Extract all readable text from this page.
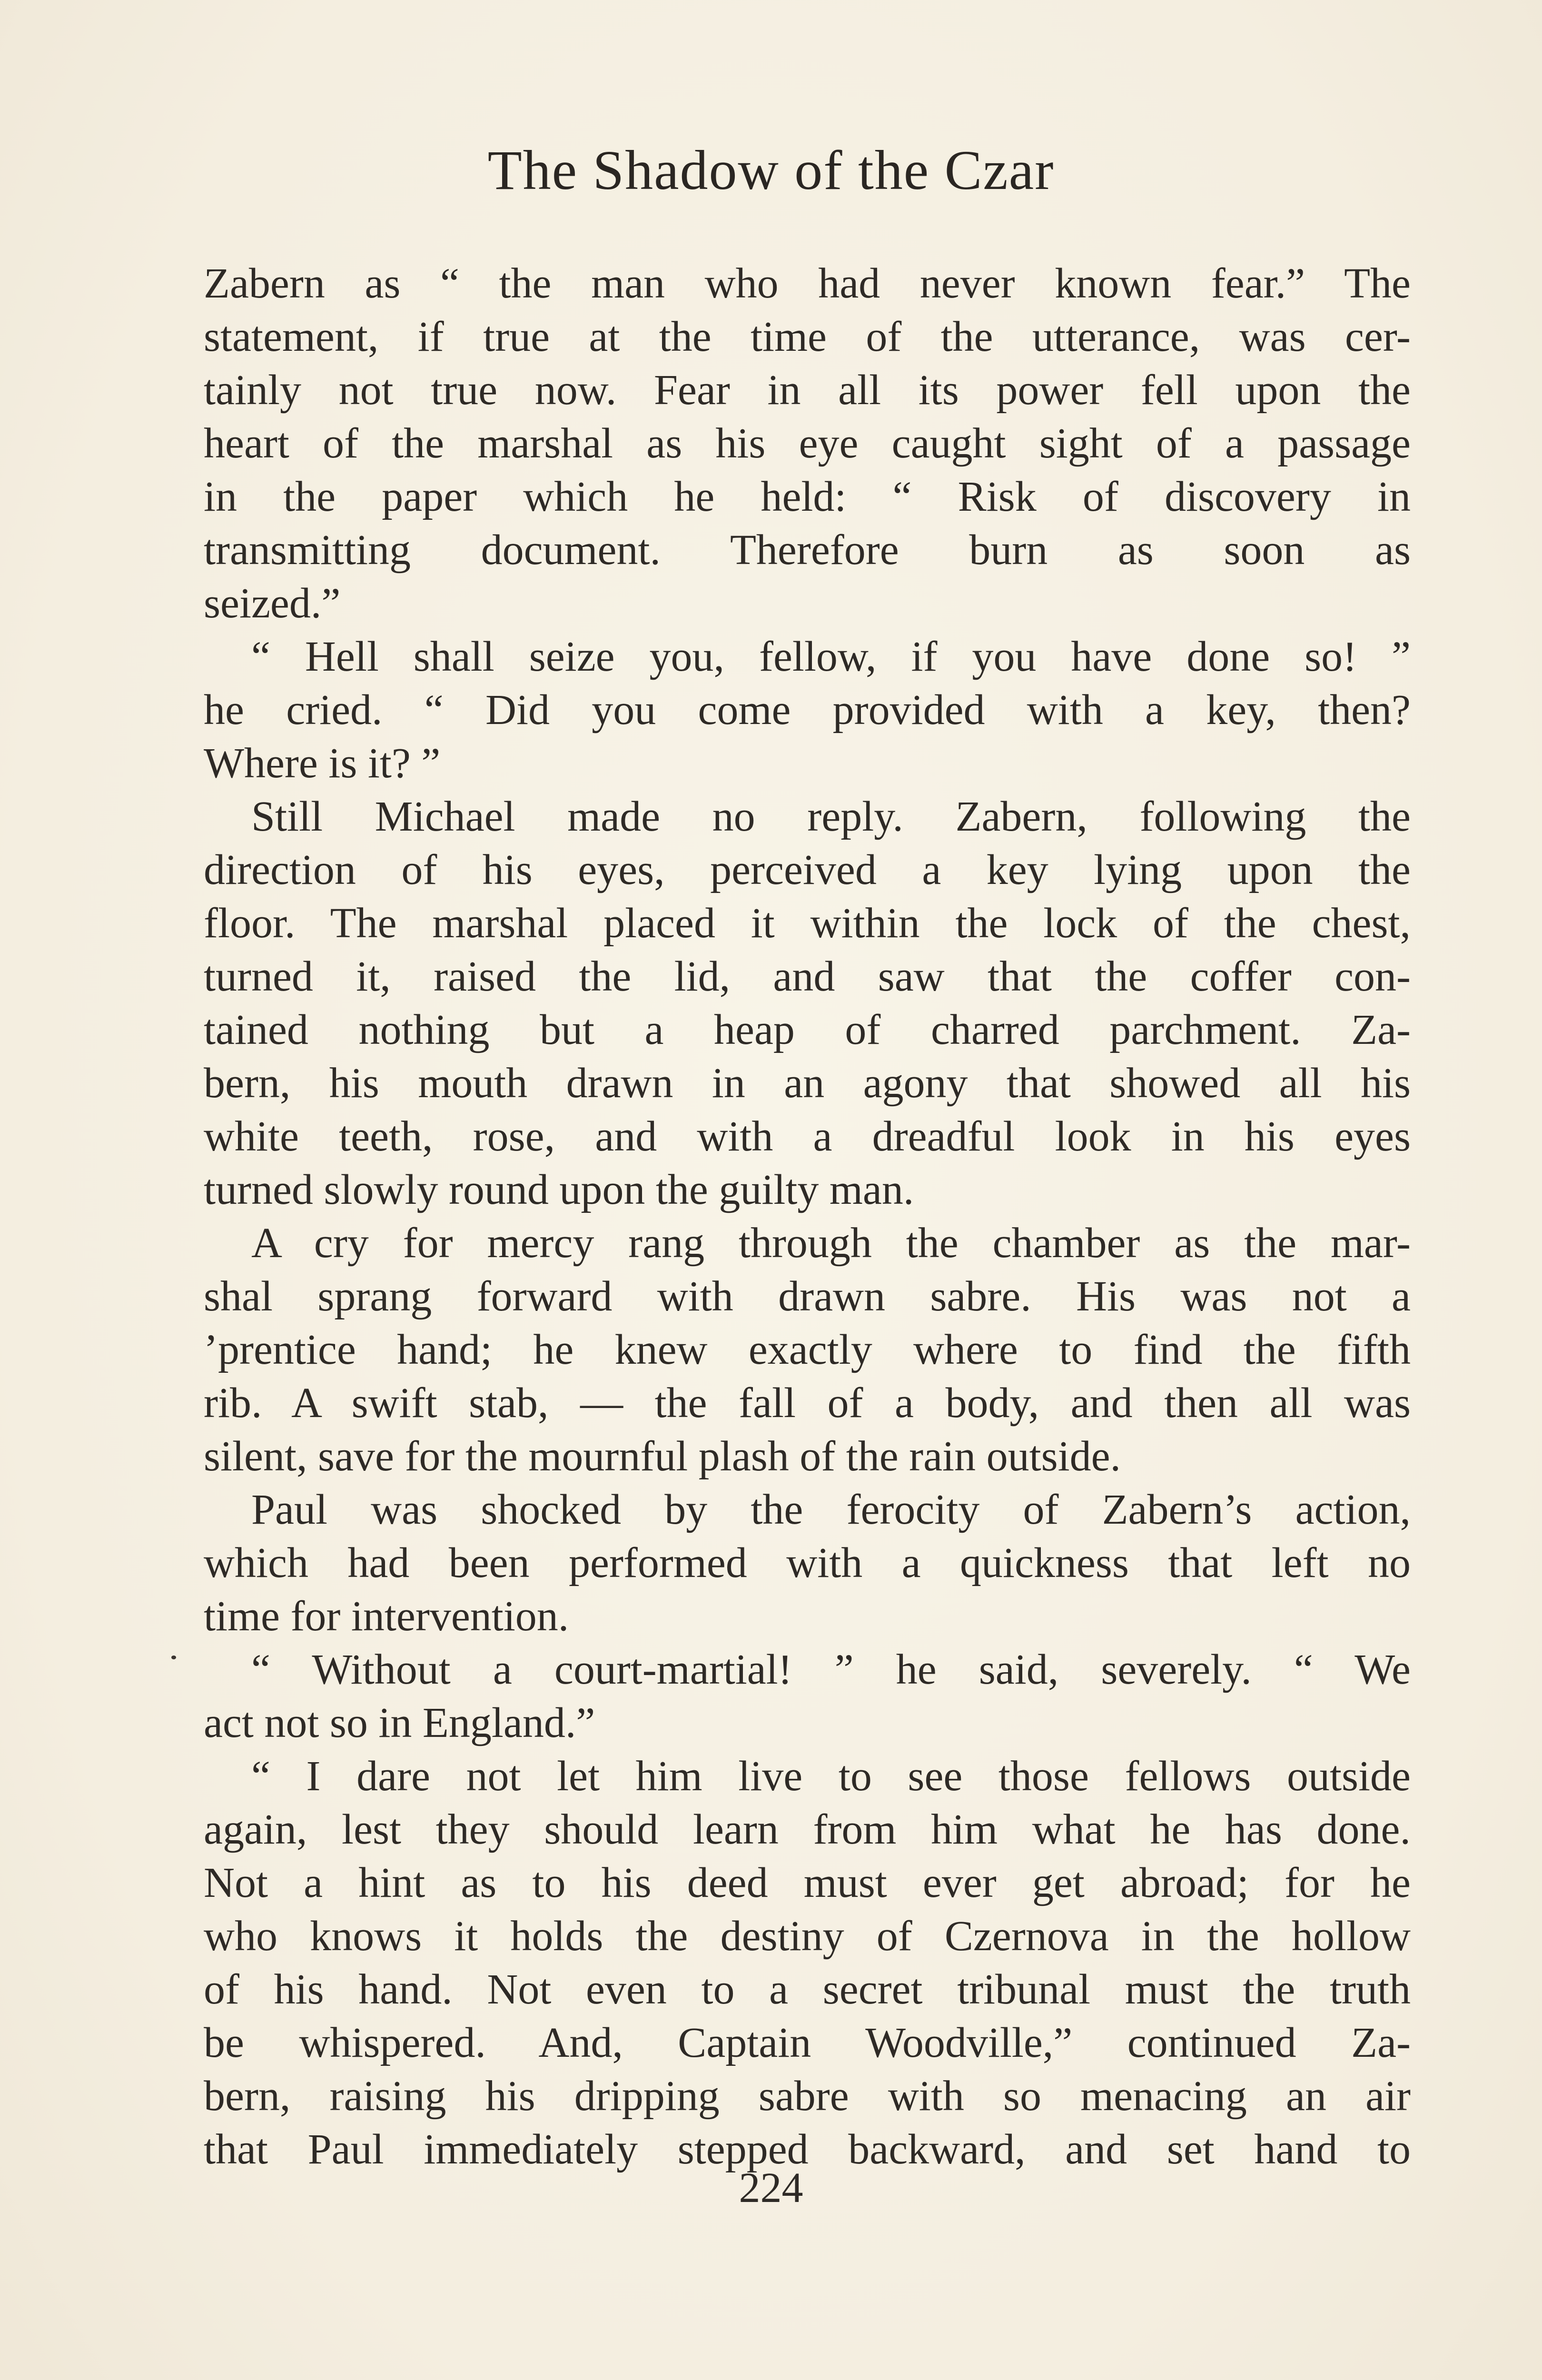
The Shadow of the Czar
Zabern as “ the man who had never known fear.” The
statement, if true at the time of the utterance, was cer-
tainly not true now. Fear in all its power fell upon the
heart of the marshal as his eye caught sight of a passage
in the paper which he held: “ Risk of discovery in
transmitting document. Therefore burn as soon as
seized.”
“ Hell shall seize you, fellow, if you have done so! ”
he cried. “ Did you come provided with a key, then?
Where is it? ”
Still Michael made no reply. Zabern, following the
direction of his eyes, perceived a key lying upon the
floor. The marshal placed it within the lock of the chest,
turned it, raised the lid, and saw that the coffer con-
tained nothing but a heap of charred parchment. Za-
bern, his mouth drawn in an agony that showed all his
white teeth, rose, and with a dreadful look in his eyes
turned slowly round upon the guilty man.
A cry for mercy rang through the chamber as the mar-
shal sprang forward with drawn sabre. His was not a
’prentice hand; he knew exactly where to find the fifth
rib. A swift stab, — the fall of a body, and then all was
silent, save for the mournful plash of the rain outside.
Paul was shocked by the ferocity of Zabern’s action,
which had been performed with a quickness that left no
time for intervention.
“ Without a court-martial! ” he said, severely. “ We
act not so in England.”
“ I dare not let him live to see those fellows outside
again, lest they should learn from him what he has done.
Not a hint as to his deed must ever get abroad; for he
who knows it holds the destiny of Czernova in the hollow
of his hand. Not even to a secret tribunal must the truth
be whispered. And, Captain Woodville,” continued Za-
bern, raising his dripping sabre with so menacing an air
that Paul immediately stepped backward, and set hand to
224
